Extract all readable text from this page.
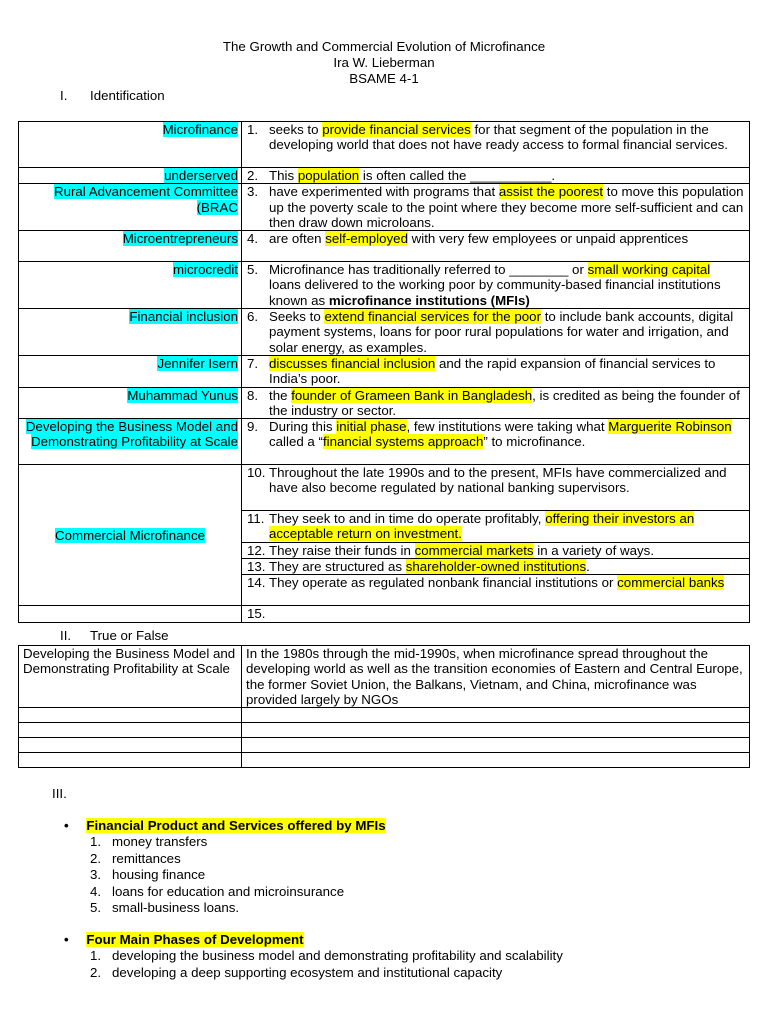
The Growth and Commercial Evolution of Microfinance
Ira W. Lieberman
BSAME 4-1
I. Identification
Microfinance	1. seeks to provide financial services for that segment of the population in the developing world that does not have ready access to formal financial services.

underserved	2. This population is often called the ___________.

Rural Advancement Committee (BRAC	3. have experimented with programs that assist the poorest to move this population up the poverty scale to the point where they become more self-sufficient and can then draw down microloans.

Microentrepreneurs	4. are often self-employed with very few employees or unpaid apprentices

microcredit	5. Microfinance has traditionally referred to ________ or small working capital loans delivered to the working poor by community-based financial institutions known as microfinance institutions (MFIs)

Financial inclusion	6. Seeks to extend financial services for the poor to include bank accounts, digital payment systems, loans for poor rural populations for water and irrigation, and solar energy, as examples.

Jennifer Isern	7. discusses financial inclusion and the rapid expansion of financial services to India’s poor.

Muhammad Yunus	8. the founder of Grameen Bank in Bangladesh, is credited as being the founder of the industry or sector.

Developing the Business Model and Demonstrating Profitability at Scale	9. During this initial phase, few institutions were taking what Marguerite Robinson called a “financial systems approach” to microfinance.

Commercial Microfinance	10. Throughout the late 1990s and to the present, MFIs have commercialized and have also become regulated by national banking supervisors.

	11. They seek to and in time do operate profitably, offering their investors an acceptable return on investment.

	12. They raise their funds in commercial markets in a variety of ways.

	13. They are structured as shareholder-owned institutions.

	14. They operate as regulated nonbank financial institutions or commercial banks

	15.
II. True or False
Developing the Business Model and Demonstrating Profitability at Scale	In the 1980s through the mid-1990s, when microfinance spread throughout the developing world as well as the transition economies of Eastern and Central Europe, the former Soviet Union, the Balkans, Vietnam, and China, microfinance was provided largely by NGOs

III.
• Financial Product and Services offered by MFIs
1. money transfers
2. remittances
3. housing finance
4. loans for education and microinsurance
5. small-business loans.
• Four Main Phases of Development
1. developing the business model and demonstrating profitability and scalability
2. developing a deep supporting ecosystem and institutional capacity
